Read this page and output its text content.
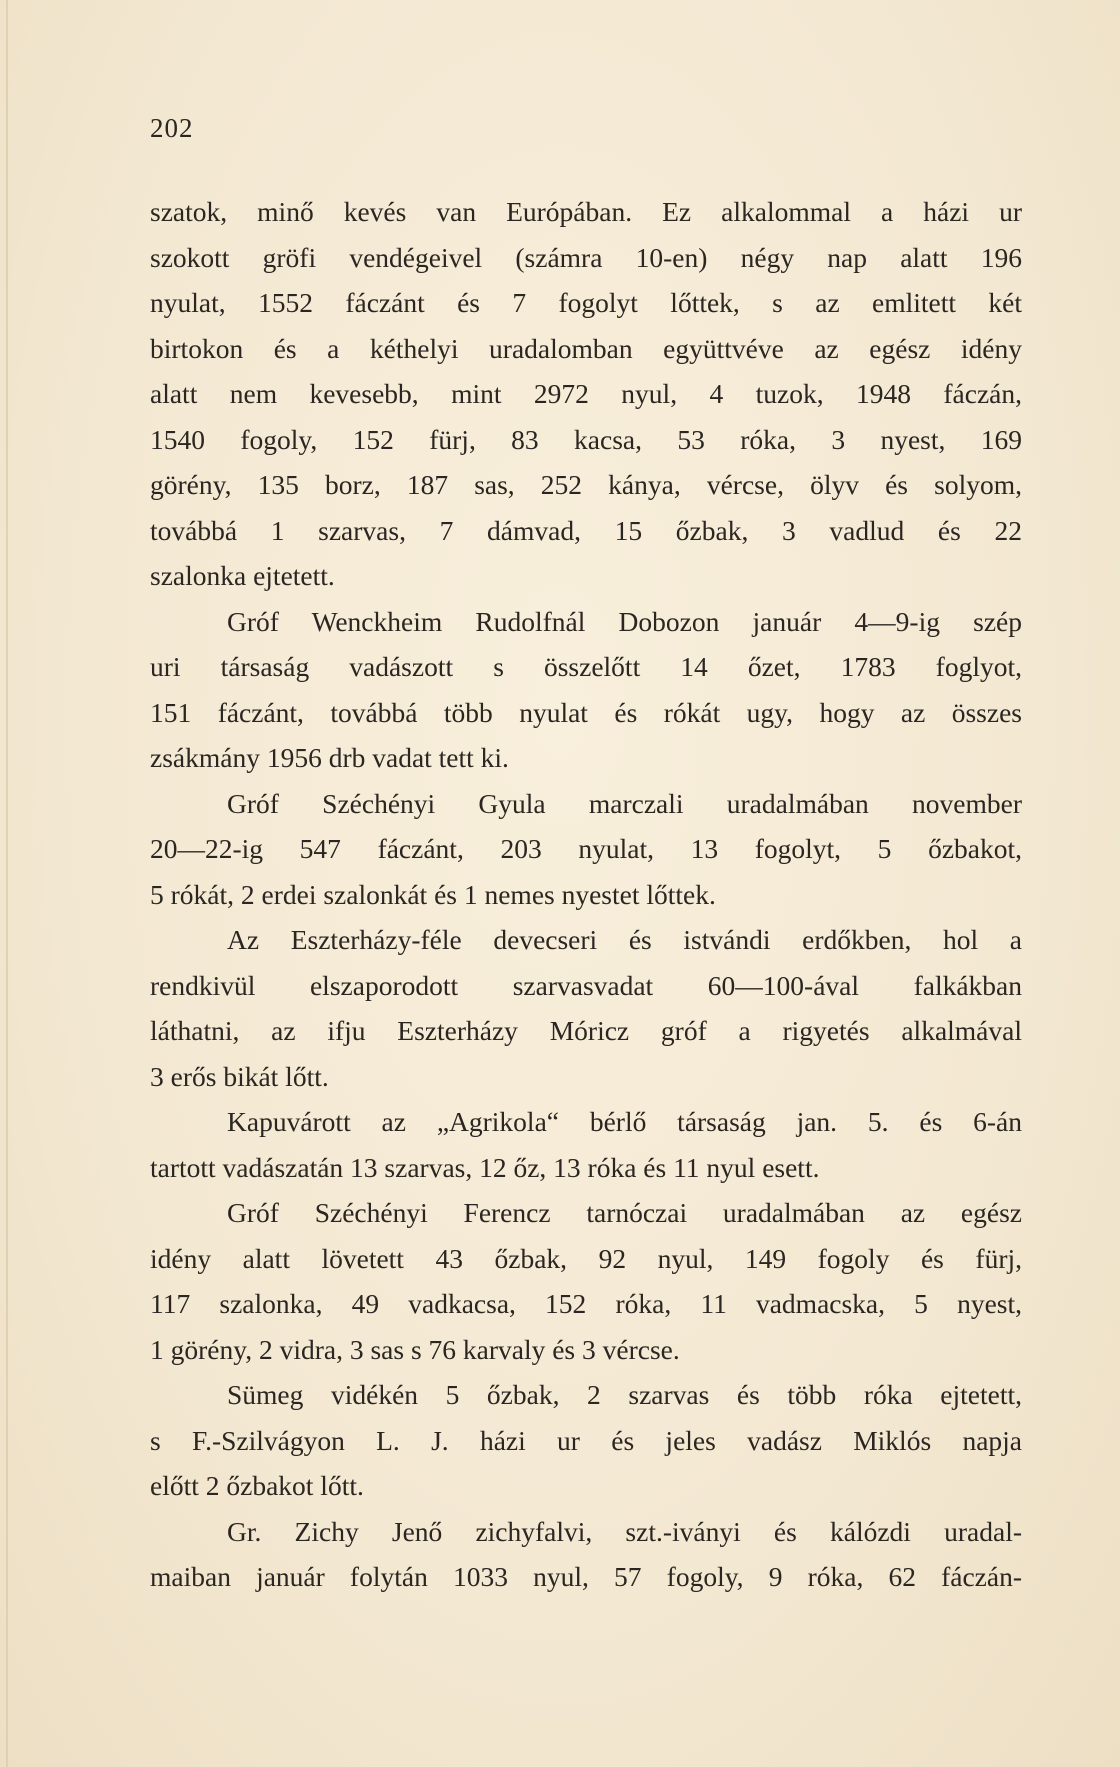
202
szatok, minő kevés van Európában. Ez alkalommal a házi ur
szokott gröfi vendégeivel (számra 10-en) négy nap alatt 196
nyulat, 1552 fáczánt és 7 fogolyt lőttek, s az emlitett két
birtokon és a kéthelyi uradalomban együttvéve az egész idény
alatt nem kevesebb, mint 2972 nyul, 4 tuzok, 1948 fáczán,
1540 fogoly, 152 fürj, 83 kacsa, 53 róka, 3 nyest, 169
görény, 135 borz, 187 sas, 252 kánya, vércse, ölyv és solyom,
továbbá 1 szarvas, 7 dámvad, 15 őzbak, 3 vadlud és 22
szalonka ejtetett.
Gróf Wenckheim Rudolfnál Dobozon január 4—9-ig szép
uri társaság vadászott s összelőtt 14 őzet, 1783 foglyot,
151 fáczánt, továbbá több nyulat és rókát ugy, hogy az összes
zsákmány 1956 drb vadat tett ki.
Gróf Széchényi Gyula marczali uradalmában november
20—22-ig 547 fáczánt, 203 nyulat, 13 fogolyt, 5 őzbakot,
5 rókát, 2 erdei szalonkát és 1 nemes nyestet lőttek.
Az Eszterházy-féle devecseri és istvándi erdőkben, hol a
rendkivül elszaporodott szarvasvadat 60—100-ával falkákban
láthatni, az ifju Eszterházy Móricz gróf a rigyetés alkalmával
3 erős bikát lőtt.
Kapuvárott az „Agrikola“ bérlő társaság jan. 5. és 6-án
tartott vadászatán 13 szarvas, 12 őz, 13 róka és 11 nyul esett.
Gróf Széchényi Ferencz tarnóczai uradalmában az egész
idény alatt lövetett 43 őzbak, 92 nyul, 149 fogoly és fürj,
117 szalonka, 49 vadkacsa, 152 róka, 11 vadmacska, 5 nyest,
1 görény, 2 vidra, 3 sas s 76 karvaly és 3 vércse.
Sümeg vidékén 5 őzbak, 2 szarvas és több róka ejtetett,
s F.-Szilvágyon L. J. házi ur és jeles vadász Miklós napja
előtt 2 őzbakot lőtt.
Gr. Zichy Jenő zichyfalvi, szt.-iványi és kálózdi uradal-
maiban január folytán 1033 nyul, 57 fogoly, 9 róka, 62 fáczán-
